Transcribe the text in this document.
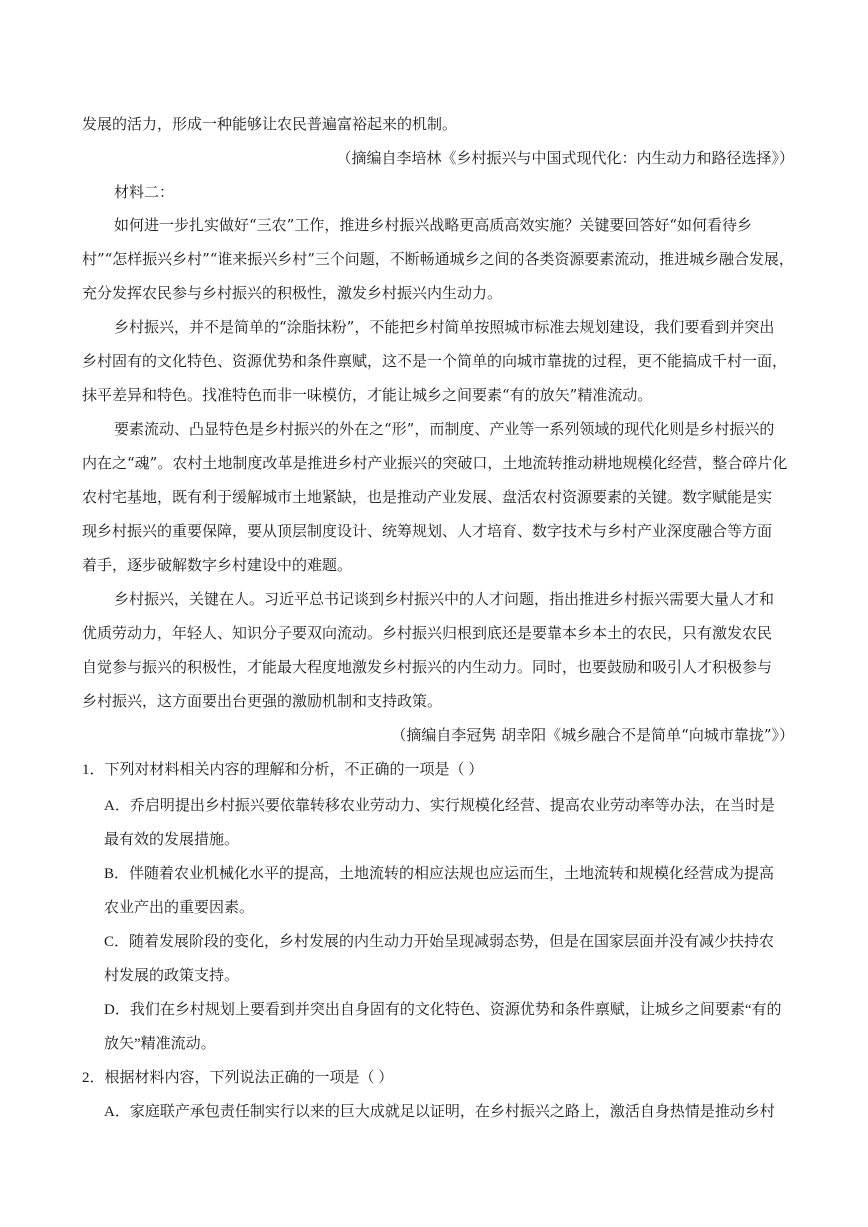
发展的活力，形成一种能够让农民普遍富裕起来的机制。

（摘编自李培林《乡村振兴与中国式现代化：内生动力和路径选择》）

材料二：

如何进一步扎实做好“三农”工作，推进乡村振兴战略更高质高效实施？关键要回答好“如何看待乡

村”“怎样振兴乡村”“谁来振兴乡村”三个问题，不断畅通城乡之间的各类资源要素流动，推进城乡融合发展，

充分发挥农民参与乡村振兴的积极性，激发乡村振兴内生动力。

乡村振兴，并不是简单的“涂脂抹粉”，不能把乡村简单按照城市标准去规划建设，我们要看到并突出

乡村固有的文化特色、资源优势和条件禀赋，这不是一个简单的向城市靠拢的过程，更不能搞成千村一面，

抹平差异和特色。找准特色而非一味模仿，才能让城乡之间要素“有的放矢”精准流动。

要素流动、凸显特色是乡村振兴的外在之“形”，而制度、产业等一系列领域的现代化则是乡村振兴的

内在之“魂”。农村土地制度改革是推进乡村产业振兴的突破口，土地流转推动耕地规模化经营，整合碎片化

农村宅基地，既有利于缓解城市土地紧缺，也是推动产业发展、盘活农村资源要素的关键。数字赋能是实

现乡村振兴的重要保障，要从顶层制度设计、统筹规划、人才培育、数字技术与乡村产业深度融合等方面

着手，逐步破解数字乡村建设中的难题。

乡村振兴，关键在人。习近平总书记谈到乡村振兴中的人才问题，指出推进乡村振兴需要大量人才和

优质劳动力，年轻人、知识分子要双向流动。乡村振兴归根到底还是要靠本乡本土的农民，只有激发农民

自觉参与振兴的积极性，才能最大程度地激发乡村振兴的内生动力。同时，也要鼓励和吸引人才积极参与

乡村振兴，这方面要出台更强的激励机制和支持政策。

（摘编自李冠隽 胡幸阳《城乡融合不是简单“向城市靠拢”》）

1．下列对材料相关内容的理解和分析，不正确的一项是（ ）

A．乔启明提出乡村振兴要依靠转移农业劳动力、实行规模化经营、提高农业劳动率等办法，在当时是

最有效的发展措施。

B．伴随着农业机械化水平的提高，土地流转的相应法规也应运而生，土地流转和规模化经营成为提高

农业产出的重要因素。

C．随着发展阶段的变化，乡村发展的内生动力开始呈现减弱态势，但是在国家层面并没有减少扶持农

村发展的政策支持。

D．我们在乡村规划上要看到并突出自身固有的文化特色、资源优势和条件禀赋，让城乡之间要素“有的

放矢”精准流动。

2．根据材料内容，下列说法正确的一项是（ ）

A．家庭联产承包责任制实行以来的巨大成就足以证明，在乡村振兴之路上，激活自身热情是推动乡村
